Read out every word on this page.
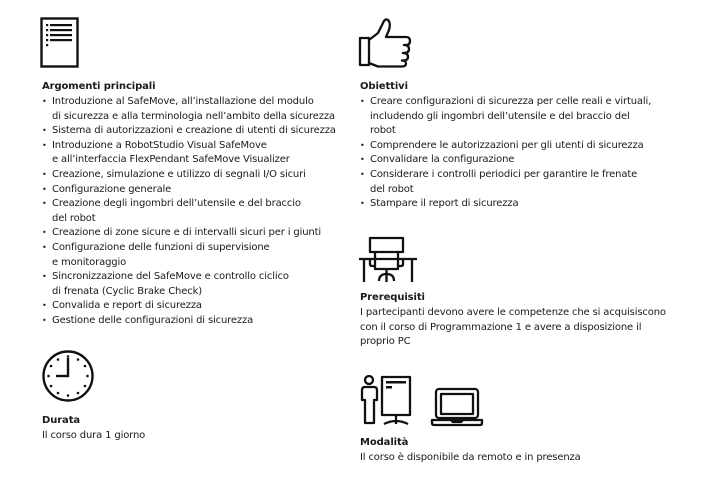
Argomenti principali
• Introduzione al SafeMove, all’installazione del modulo
di sicurezza e alla terminologia nell’ambito della sicurezza
• Sistema di autorizzazioni e creazione di utenti di sicurezza
• Introduzione a RobotStudio Visual SafeMove
e all’interfaccia FlexPendant SafeMove Visualizer
• Creazione, simulazione e utilizzo di segnali I/O sicuri
• Configurazione generale
• Creazione degli ingombri dell’utensile e del braccio
del robot
• Creazione di zone sicure e di intervalli sicuri per i giunti
• Configurazione delle funzioni di supervisione
e monitoraggio
• Sincronizzazione del SafeMove e controllo ciclico
di frenata (Cyclic Brake Check)
• Convalida e report di sicurezza
• Gestione delle configurazioni di sicurezza
Durata
Il corso dura 1 giorno
Obiettivi
• Creare configurazioni di sicurezza per celle reali e virtuali,
includendo gli ingombri dell’utensile e del braccio del
robot
• Comprendere le autorizzazioni per gli utenti di sicurezza
• Convalidare la configurazione
• Considerare i controlli periodici per garantire le frenate
del robot
• Stampare il report di sicurezza
Prerequisiti
I partecipanti devono avere le competenze che si acquisiscono con il corso di Programmazione 1 e avere a disposizione il proprio PC
Modalità
Il corso è disponibile da remoto e in presenza
